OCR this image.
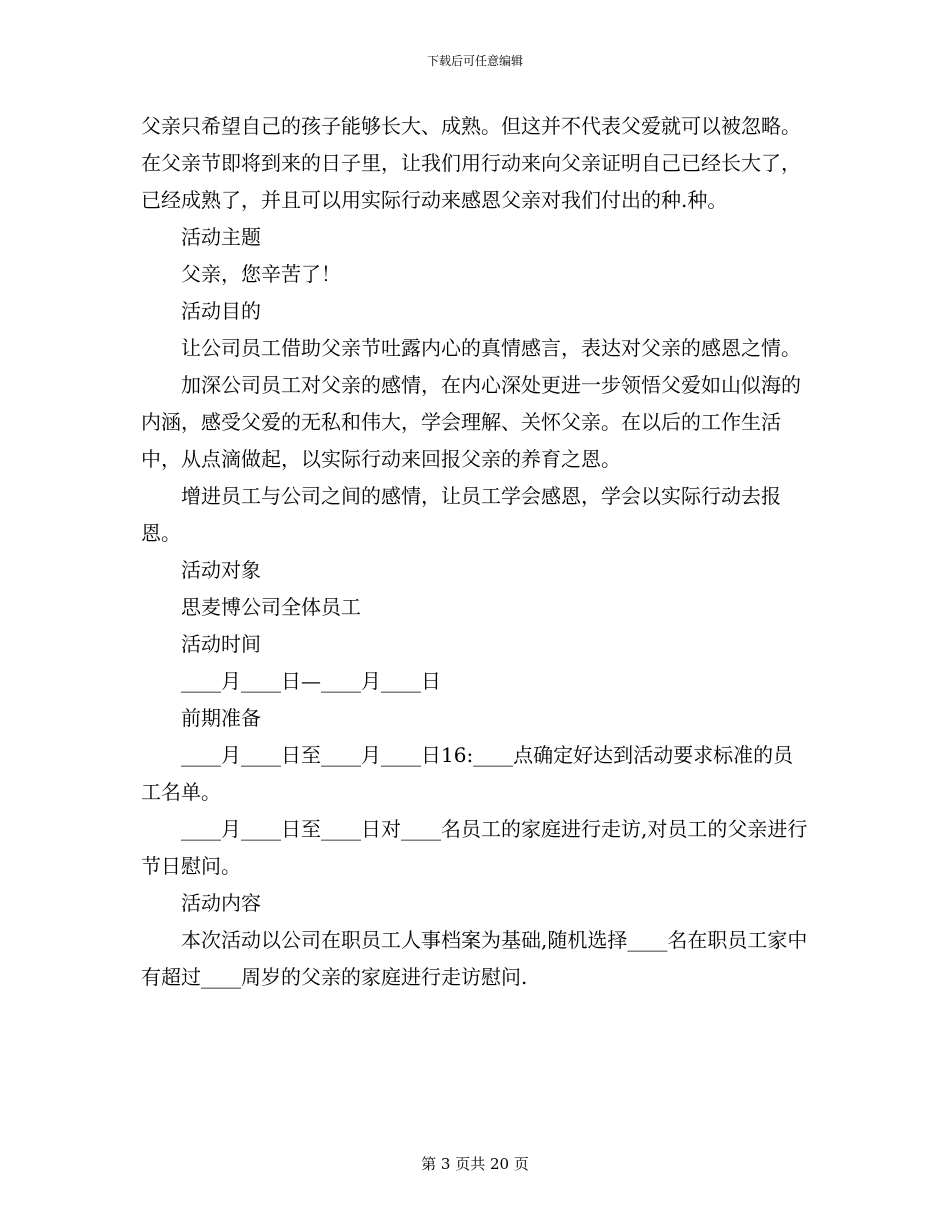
下载后可任意编辑

父亲只希望自己的孩子能够长大、成熟。但这并不代表父爱就可以被忽略。在父亲节即将到来的日子里，让我们用行动来向父亲证明自己已经长大了，已经成熟了，并且可以用实际行动来感恩父亲对我们付出的种.种。

活动主题

父亲，您辛苦了！

活动目的

让公司员工借助父亲节吐露内心的真情感言，表达对父亲的感恩之情。

加深公司员工对父亲的感情，在内心深处更进一步领悟父爱如山似海的内涵，感受父爱的无私和伟大，学会理解、关怀父亲。在以后的工作生活中，从点滴做起，以实际行动来回报父亲的养育之恩。

增进员工与公司之间的感情，让员工学会感恩，学会以实际行动去报恩。

活动对象

思麦博公司全体员工

活动时间

____月____日—____月____日

前期准备

____月____日至____月____日16:____点确定好达到活动要求标准的员工名单。

____月____日至____日对____名员工的家庭进行走访,对员工的父亲进行节日慰问。

活动内容

本次活动以公司在职员工人事档案为基础,随机选择____名在职员工家中有超过____周岁的父亲的家庭进行走访慰问.

第 3 页共 20 页
